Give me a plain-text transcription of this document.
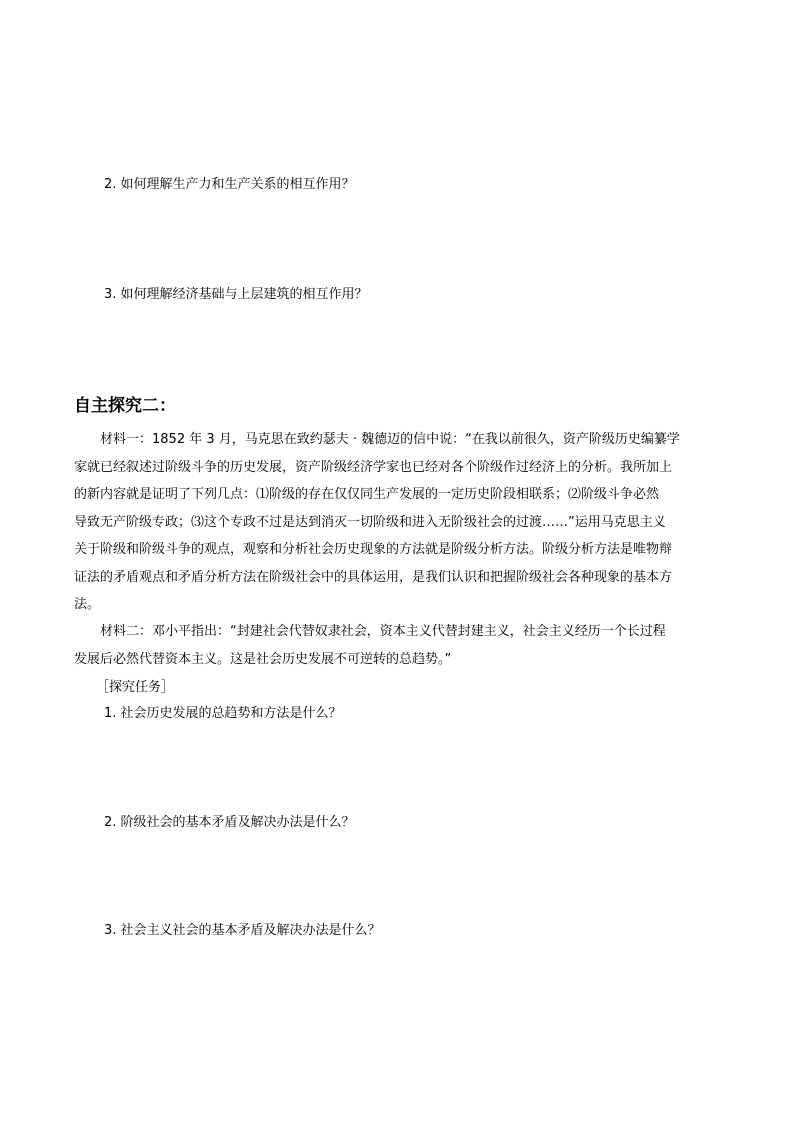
2. 如何理解生产力和生产关系的相互作用？
3. 如何理解经济基础与上层建筑的相互作用？
自主探究二：
材料一：1852 年 3 月，马克思在致约瑟夫 · 魏德迈的信中说：“在我以前很久，资产阶级历史编纂学
家就已经叙述过阶级斗争的历史发展，资产阶级经济学家也已经对各个阶级作过经济上的分析。我所加上
的新内容就是证明了下列几点：⑴阶级的存在仅仅同生产发展的一定历史阶段相联系；⑵阶级斗争必然
导致无产阶级专政；⑶这个专政不过是达到消灭一切阶级和进入无阶级社会的过渡……”运用马克思主义
关于阶级和阶级斗争的观点，观察和分析社会历史现象的方法就是阶级分析方法。阶级分析方法是唯物辩
证法的矛盾观点和矛盾分析方法在阶级社会中的具体运用，是我们认识和把握阶级社会各种现象的基本方
法。
材料二：邓小平指出：“封建社会代替奴隶社会，资本主义代替封建主义，社会主义经历一个长过程
发展后必然代替资本主义。这是社会历史发展不可逆转的总趋势。”
［探究任务］
1. 社会历史发展的总趋势和方法是什么？
2. 阶级社会的基本矛盾及解决办法是什么？
3. 社会主义社会的基本矛盾及解决办法是什么？
